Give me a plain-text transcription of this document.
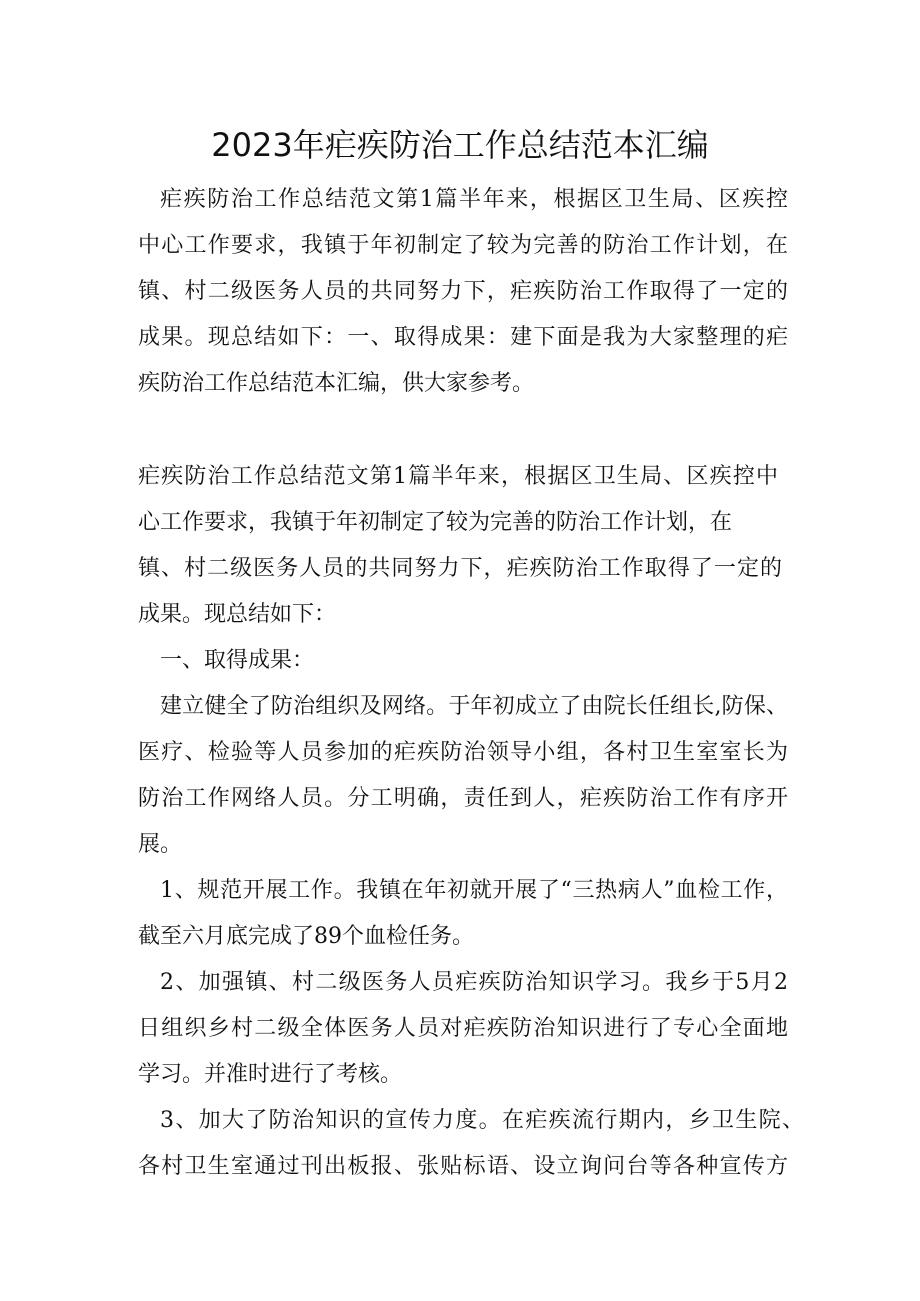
2023年疟疾防治工作总结范本汇编
疟疾防治工作总结范文第1篇半年来，根据区卫生局、区疾控
中心工作要求，我镇于年初制定了较为完善的防治工作计划，在
镇、村二级医务人员的共同努力下，疟疾防治工作取得了一定的
成果。现总结如下：一、取得成果：建下面是我为大家整理的疟
疾防治工作总结范本汇编，供大家参考。
疟疾防治工作总结范文第1篇半年来，根据区卫生局、区疾控中
心工作要求，我镇于年初制定了较为完善的防治工作计划，在
镇、村二级医务人员的共同努力下，疟疾防治工作取得了一定的
成果。现总结如下：
一、取得成果：
建立健全了防治组织及网络。于年初成立了由院长任组长,防保、
医疗、检验等人员参加的疟疾防治领导小组，各村卫生室室长为
防治工作网络人员。分工明确，责任到人，疟疾防治工作有序开
展。
1、规范开展工作。我镇在年初就开展了“三热病人”血检工作，
截至六月底完成了89个血检任务。
2、加强镇、村二级医务人员疟疾防治知识学习。我乡于5月2
日组织乡村二级全体医务人员对疟疾防治知识进行了专心全面地
学习。并准时进行了考核。
3、加大了防治知识的宣传力度。在疟疾流行期内，乡卫生院、
各村卫生室通过刊出板报、张贴标语、设立询问台等各种宣传方
